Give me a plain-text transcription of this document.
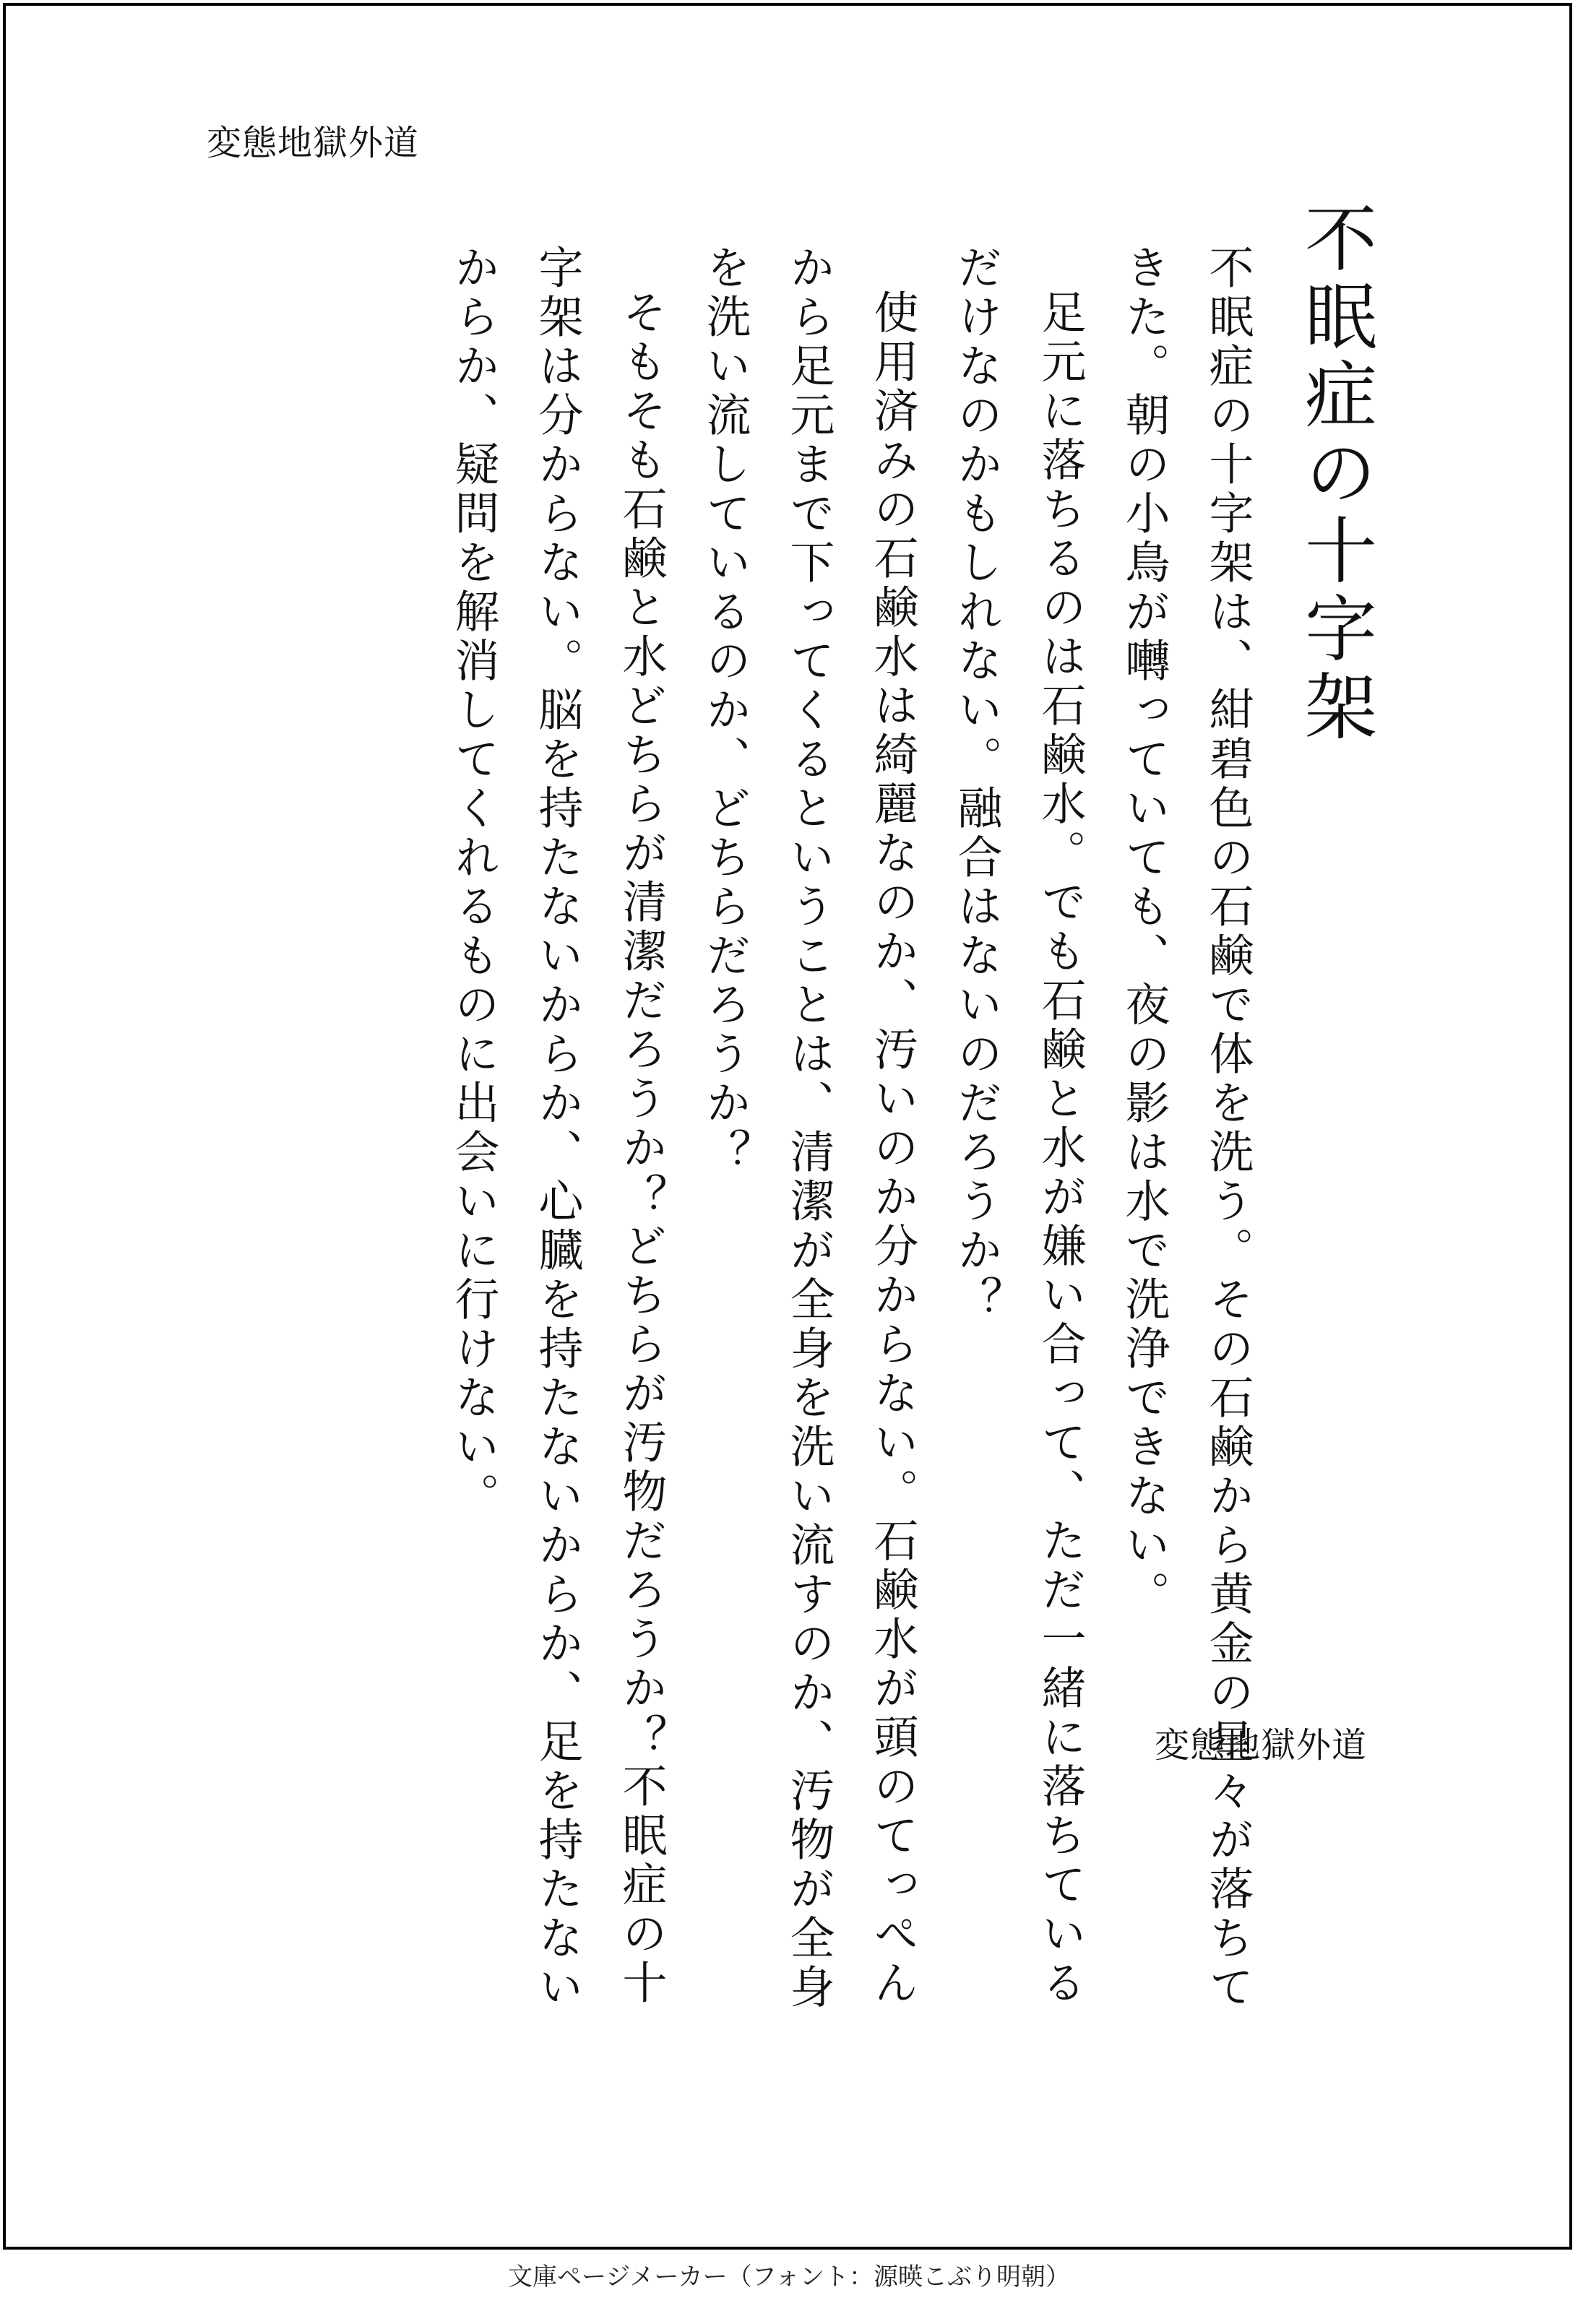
変態地獄外道
不眠症の十字架

不眠症の十字架は、紺碧色の石鹸で体を洗う。その石鹸から黄金の星々が落ちてきた。朝の小鳥が囀っていても、夜の影は水で洗浄できない。

足元に落ちるのは石鹸水。でも石鹸と水が嫌い合って、ただ一緒に落ちているだけなのかもしれない。融合はないのだろうか？

使用済みの石鹸水は綺麗なのか、汚いのか分からない。石鹸水が頭のてっぺんから足元まで下ってくるということは、清潔が全身を洗い流すのか、汚物が全身を洗い流しているのか、どちらだろうか？

そもそも石鹸と水どちらが清潔だろうか？どちらが汚物だろうか？不眠症の十字架は分からない。脳を持たないからか、心臓を持たないからか、足を持たないからか、疑問を解消してくれるものに出会いに行けない。

変態地獄外道
文庫ページメーカー（フォント：源暎こぶり明朝）
